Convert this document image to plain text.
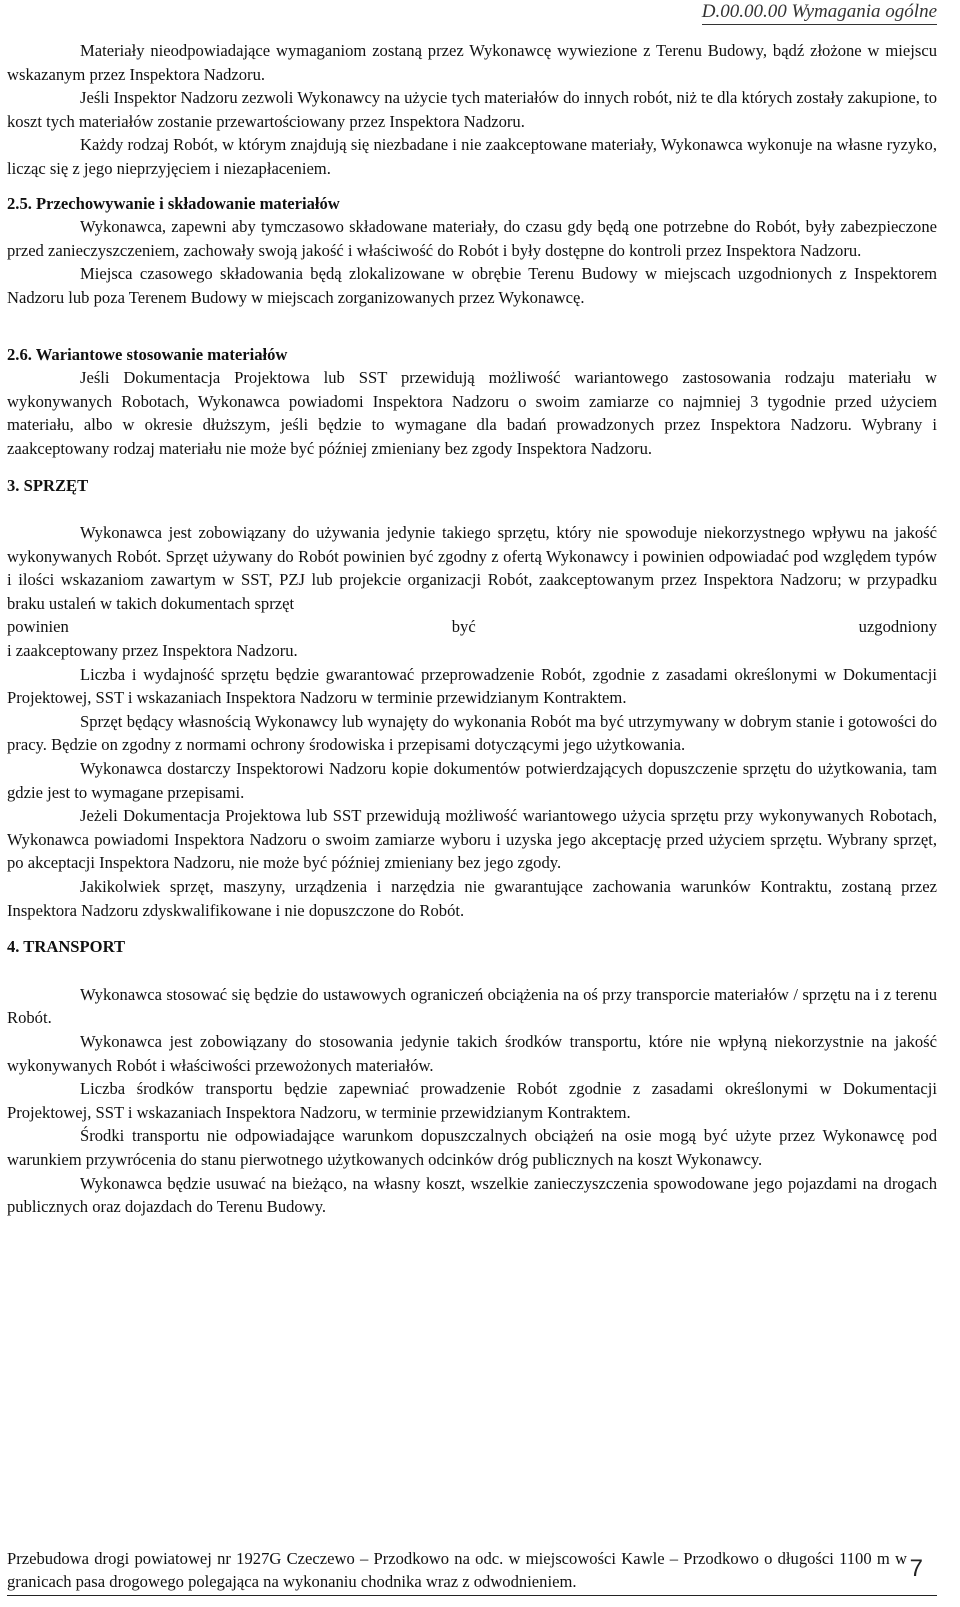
D.00.00.00 Wymagania ogólne

Materiały nieodpowiadające wymaganiom zostaną przez Wykonawcę wywiezione z Terenu Budowy, bądź złożone w miejscu wskazanym przez Inspektora Nadzoru.

Jeśli Inspektor Nadzoru zezwoli Wykonawcy na użycie tych materiałów do innych robót, niż te dla których zostały zakupione, to koszt tych materiałów zostanie przewartościowany przez Inspektora Nadzoru.

Każdy rodzaj Robót, w którym znajdują się niezbadane i nie zaakceptowane materiały, Wykonawca wykonuje na własne ryzyko, licząc się z jego nieprzyjęciem i niezapłaceniem.

2.5. Przechowywanie i składowanie materiałów

Wykonawca, zapewni aby tymczasowo składowane materiały, do czasu gdy będą one potrzebne do Robót, były zabezpieczone przed zanieczyszczeniem, zachowały swoją jakość i właściwość do Robót i były dostępne do kontroli przez Inspektora Nadzoru.

Miejsca czasowego składowania będą zlokalizowane w obrębie Terenu Budowy w miejscach uzgodnionych z Inspektorem Nadzoru lub poza Terenem Budowy w miejscach zorganizowanych przez Wykonawcę.

2.6. Wariantowe stosowanie materiałów

Jeśli Dokumentacja Projektowa lub SST przewidują możliwość wariantowego zastosowania rodzaju materiału w wykonywanych Robotach, Wykonawca powiadomi Inspektora Nadzoru o swoim zamiarze co najmniej 3 tygodnie przed użyciem materiału, albo w okresie dłuższym, jeśli będzie to wymagane dla badań prowadzonych przez Inspektora Nadzoru. Wybrany i zaakceptowany rodzaj materiału nie może być później zmieniany bez zgody Inspektora Nadzoru.

3. SPRZĘT

Wykonawca jest zobowiązany do używania jedynie takiego sprzętu, który nie spowoduje niekorzystnego wpływu na jakość wykonywanych Robót. Sprzęt używany do Robót powinien być zgodny z ofertą Wykonawcy i powinien odpowiadać pod względem typów i ilości wskazaniom zawartym w SST, PZJ lub projekcie organizacji Robót, zaakceptowanym przez Inspektora Nadzoru; w przypadku braku ustaleń w takich dokumentach sprzęt

powinien	być	uzgodniony

i zaakceptowany przez Inspektora Nadzoru.

Liczba i wydajność sprzętu będzie gwarantować przeprowadzenie Robót, zgodnie z zasadami określonymi w Dokumentacji Projektowej, SST i wskazaniach Inspektora Nadzoru w terminie przewidzianym Kontraktem.

Sprzęt będący własnością Wykonawcy lub wynajęty do wykonania Robót ma być utrzymywany w dobrym stanie i gotowości do pracy. Będzie on zgodny z normami ochrony środowiska i przepisami dotyczącymi jego użytkowania.

Wykonawca dostarczy Inspektorowi Nadzoru kopie dokumentów potwierdzających dopuszczenie sprzętu do użytkowania, tam gdzie jest to wymagane przepisami.

Jeżeli Dokumentacja Projektowa lub SST przewidują możliwość wariantowego użycia sprzętu przy wykonywanych Robotach, Wykonawca powiadomi Inspektora Nadzoru o swoim zamiarze wyboru i uzyska jego akceptację przed użyciem sprzętu. Wybrany sprzęt, po akceptacji Inspektora Nadzoru, nie może być później zmieniany bez jego zgody.

Jakikolwiek sprzęt, maszyny, urządzenia i narzędzia nie gwarantujące zachowania warunków Kontraktu, zostaną przez Inspektora Nadzoru zdyskwalifikowane i nie dopuszczone do Robót.

4. TRANSPORT

Wykonawca stosować się będzie do ustawowych ograniczeń obciążenia na oś przy transporcie materiałów / sprzętu na i z terenu Robót.

Wykonawca jest zobowiązany do stosowania jedynie takich środków transportu, które nie wpłyną niekorzystnie na jakość wykonywanych Robót i właściwości przewożonych materiałów.

Liczba środków transportu będzie zapewniać prowadzenie Robót zgodnie z zasadami określonymi w Dokumentacji Projektowej, SST i wskazaniach Inspektora Nadzoru, w terminie przewidzianym Kontraktem.

Środki transportu nie odpowiadające warunkom dopuszczalnych obciążeń na osie mogą być użyte przez Wykonawcę pod warunkiem przywrócenia do stanu pierwotnego użytkowanych odcinków dróg publicznych na koszt Wykonawcy.

Wykonawca będzie usuwać na bieżąco, na własny koszt, wszelkie zanieczyszczenia spowodowane jego pojazdami na drogach publicznych oraz dojazdach do Terenu Budowy.

Przebudowa drogi powiatowej nr 1927G Czeczewo – Przodkowo na odc. w miejscowości Kawle – Przodkowo o długości 1100 m w granicach pasa drogowego polegająca na wykonaniu chodnika wraz z odwodnieniem.	7
